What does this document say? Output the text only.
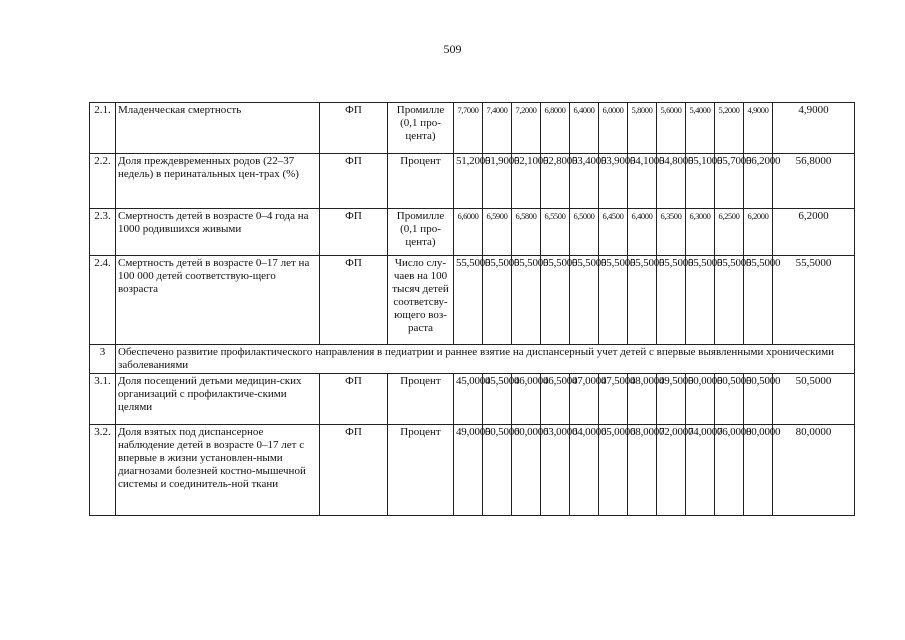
509
2.1.	Младенческая смертность	ФП	Промилле (0,1 про-цента)	7,7000	7,4000	7,2000	6,8000	6,4000	6,0000	5,8000	5,6000	5,4000	5,2000	4,9000	4,9000
2.2.	Доля преждевременных родов (22–37 недель) в перинатальных цен-трах (%)	ФП	Процент	51,2000	51,9000	52,1000	52,8000	53,4000	53,9000	54,1000	54,8000	55,1000	55,7000	56,2000	56,8000
2.3.	Смертность детей в возрасте 0–4 года на 1000 родившихся живыми	ФП	Промилле (0,1 про-цента)	6,6000	6,5900	6,5800	6,5500	6,5000	6,4500	6,4000	6,3500	6,3000	6,2500	6,2000	6,2000
2.4.	Смертность детей в возрасте 0–17 лет на 100 000 детей соответствую-щего возраста	ФП	Число слу-чаев на 100 тысяч детей соответсву-ющего воз-раста	55,5000	55,5000	55,5000	55,5000	55,5000	55,5000	55,5000	55,5000	55,5000	55,5000	55,5000	55,5000
3	Обеспечено развитие профилактического направления в педиатрии и раннее взятие на диспансерный учет детей с впервые выявленными хроническими заболеваниями														
3.1.	Доля посещений детьми медицин-ских организаций с профилактиче-скими целями	ФП	Процент	45,0000	45,5000	46,0000	46,5000	47,0000	47,5000	48,0000	49,5000	50,0000	50,5000	50,5000	50,5000
3.2.	Доля взятых под диспансерное наблюдение детей в возрасте 0–17 лет с впервые в жизни установлен-ными диагнозами болезней костно-мышечной системы и соединитель-ной ткани	ФП	Процент	49,0000	50,5000	60,0000	63,0000	64,0000	65,0000	68,0000	72,0000	74,0000	76,0000	80,0000	80,0000
